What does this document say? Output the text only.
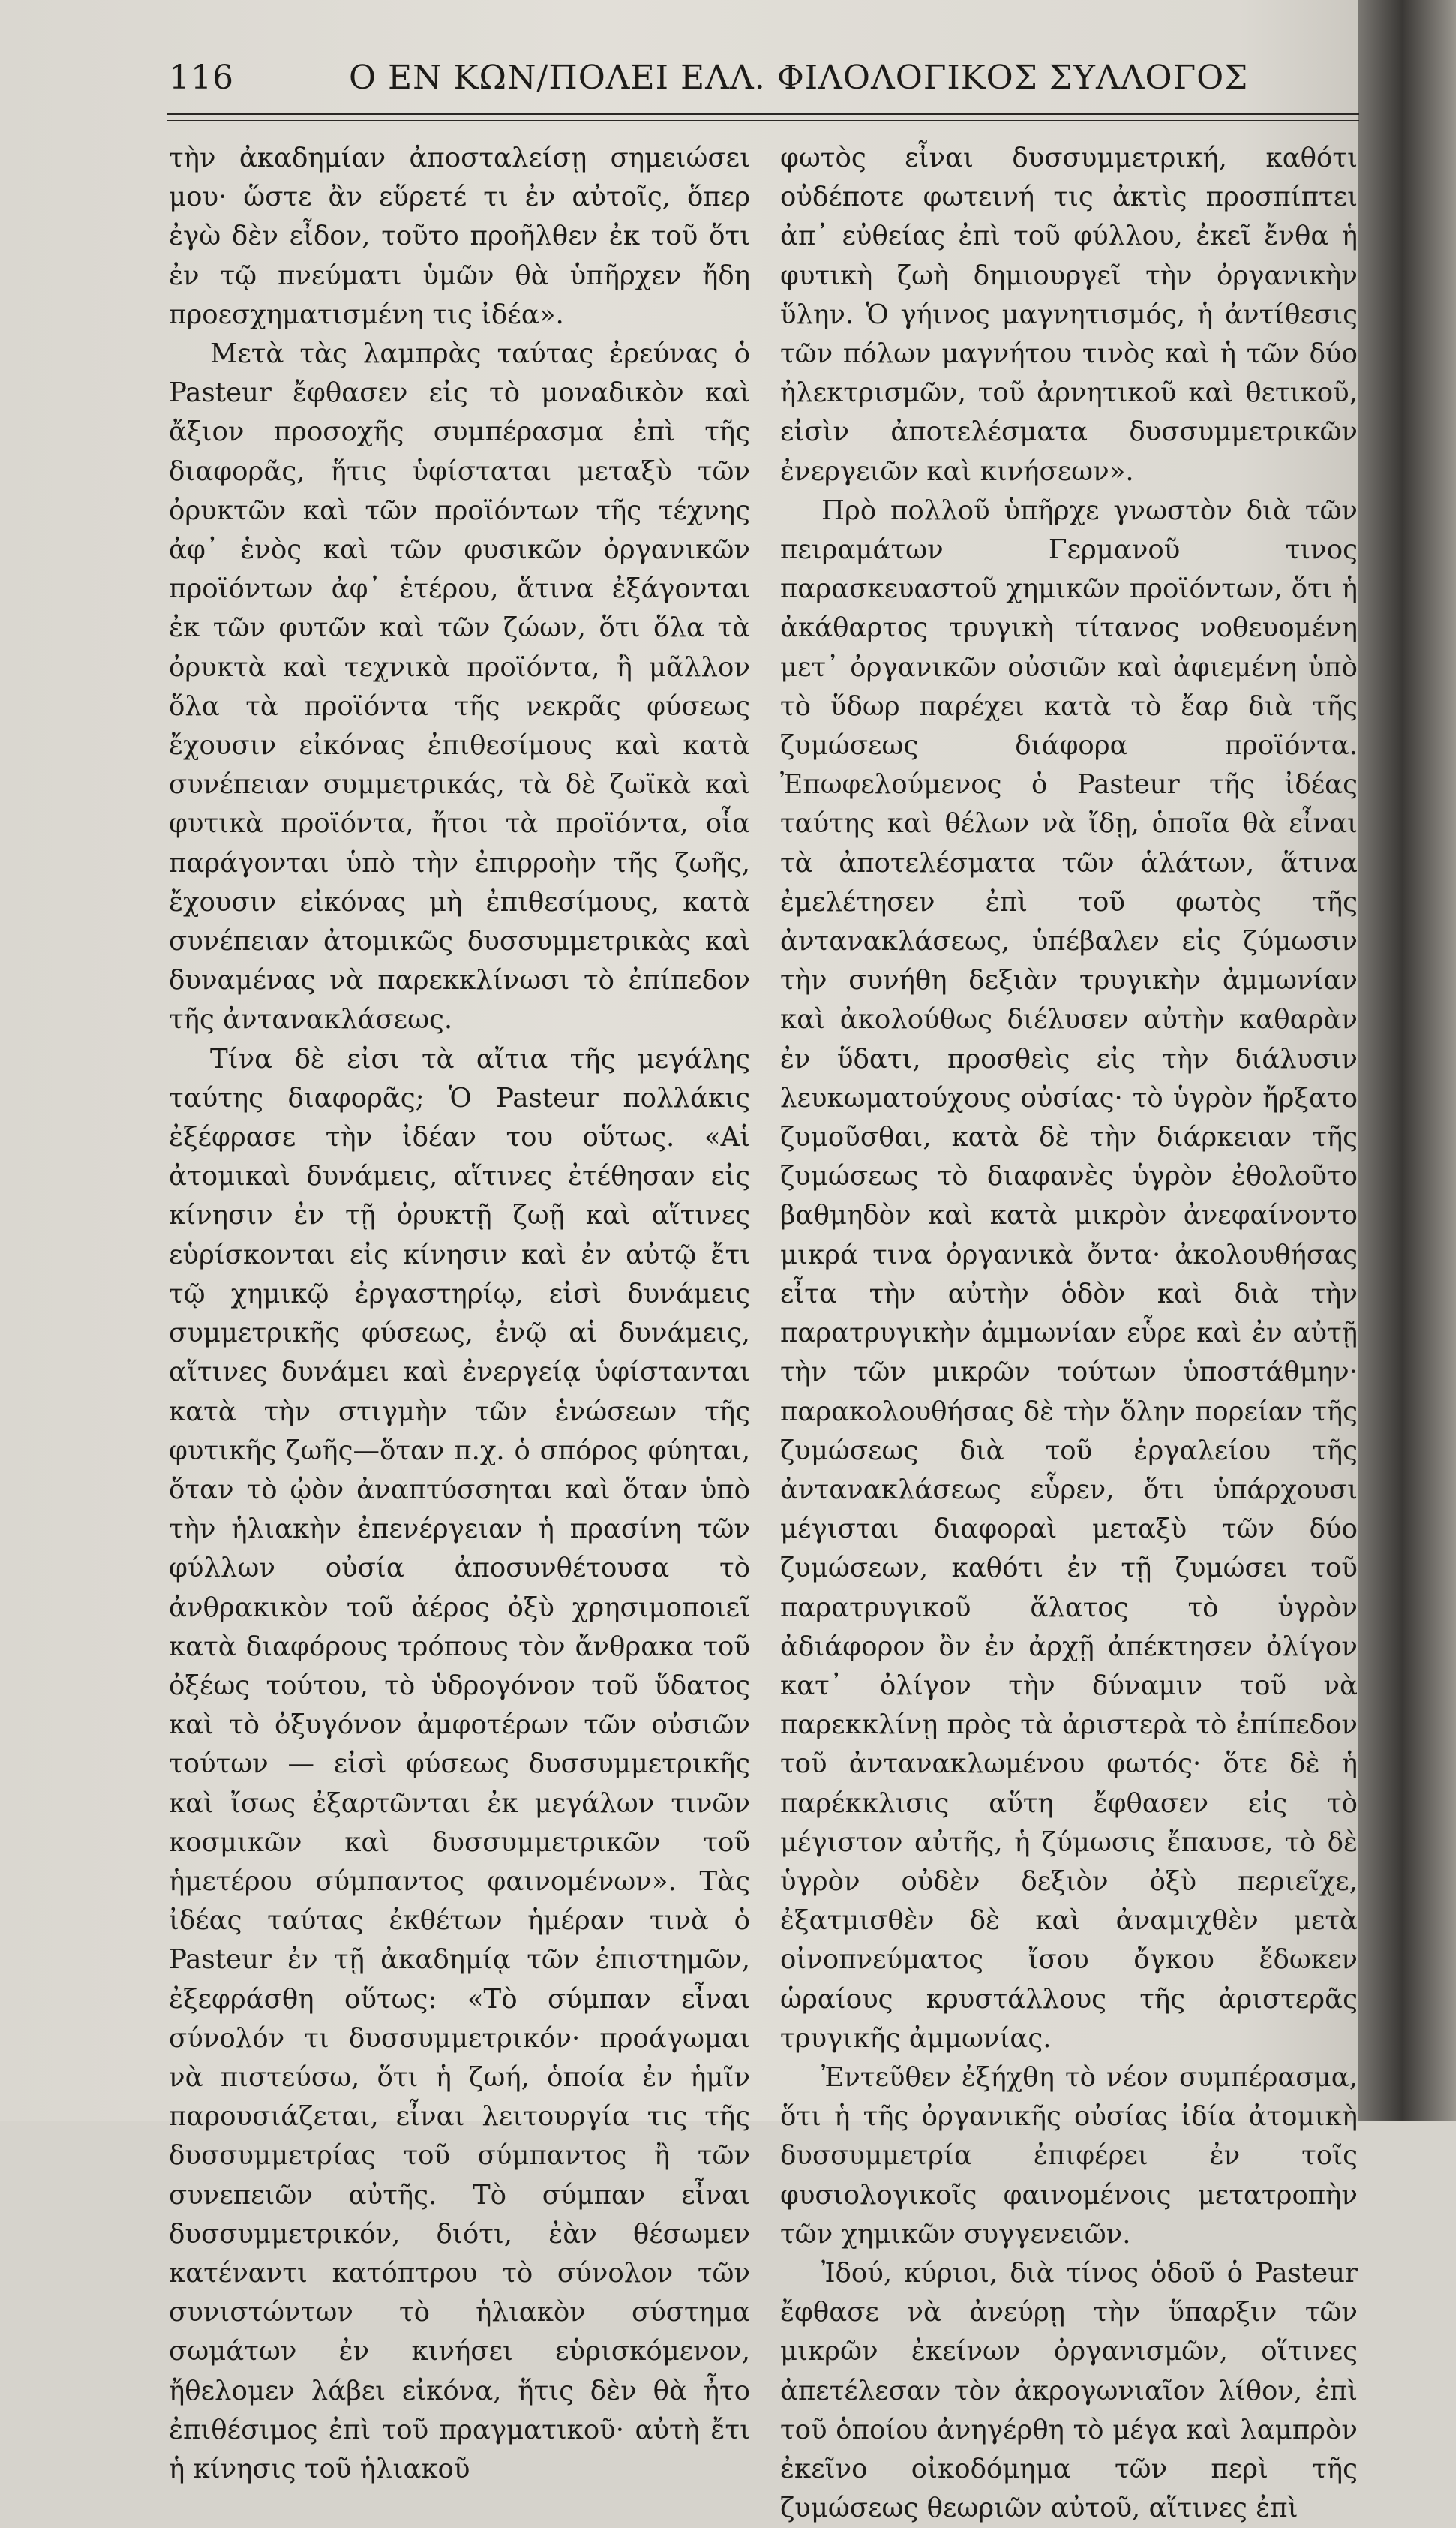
116	Ο ΕΝ ΚΩΝ/ΠΟΛΕΙ ΕΛΛ. ΦΙΛΟΛΟΓΙΚΟΣ ΣΥΛΛΟΓΟΣ

τὴν ἀκαδημίαν ἀποσταλείσῃ σημειώσει μου· ὥστε ἂν εὕρετέ τι ἐν αὐτοῖς, ὅπερ ἐγὼ δὲν εἶδον, τοῦτο προῆλθεν ἐκ τοῦ ὅτι ἐν τῷ πνεύματι ὑμῶν θὰ ὑπῆρχεν ἤδη προεσχηματισμένη τις ἰδέα».

Μετὰ τὰς λαμπρὰς ταύτας ἐρεύνας ὁ Pasteur ἔφθασεν εἰς τὸ μοναδικὸν καὶ ἄξιον προσοχῆς συμπέρασμα ἐπὶ τῆς διαφορᾶς, ἥτις ὑφίσταται μεταξὺ τῶν ὀρυκτῶν καὶ τῶν προϊόντων τῆς τέχνης ἀφ᾽ ἑνὸς καὶ τῶν φυσικῶν ὀργανικῶν προϊόντων ἀφ᾽ ἑτέρου, ἅτινα ἐξάγονται ἐκ τῶν φυτῶν καὶ τῶν ζώων, ὅτι ὅλα τὰ ὀρυκτὰ καὶ τεχνικὰ προϊόντα, ἢ μᾶλλον ὅλα τὰ προϊόντα τῆς νεκρᾶς φύσεως ἔχουσιν εἰκόνας ἐπιθεσίμους καὶ κατὰ συνέπειαν συμμετρικάς, τὰ δὲ ζωϊκὰ καὶ φυτικὰ προϊόντα, ἤτοι τὰ προϊόντα, οἷα παράγονται ὑπὸ τὴν ἐπιρροὴν τῆς ζωῆς, ἔχουσιν εἰκόνας μὴ ἐπιθεσίμους, κατὰ συνέπειαν ἀτομικῶς δυσσυμμετρικὰς καὶ δυναμένας νὰ παρεκκλίνωσι τὸ ἐπίπεδον τῆς ἀντανακλάσεως.

Τίνα δὲ εἰσι τὰ αἴτια τῆς μεγάλης ταύτης διαφορᾶς; Ὁ Pasteur πολλάκις ἐξέφρασε τὴν ἰδέαν του οὕτως. «Αἱ ἀτομικαὶ δυνάμεις, αἵτινες ἐτέθησαν εἰς κίνησιν ἐν τῇ ὀρυκτῇ ζωῇ καὶ αἵτινες εὑρίσκονται εἰς κίνησιν καὶ ἐν αὐτῷ ἔτι τῷ χημικῷ ἐργαστηρίῳ, εἰσὶ δυνάμεις συμμετρικῆς φύσεως, ἐνῷ αἱ δυνάμεις, αἵτινες δυνάμει καὶ ἐνεργείᾳ ὑφίστανται κατὰ τὴν στιγμὴν τῶν ἑνώσεων τῆς φυτικῆς ζωῆς—ὅταν π.χ. ὁ σπόρος φύηται, ὅταν τὸ ᾠὸν ἀναπτύσσηται καὶ ὅταν ὑπὸ τὴν ἡλιακὴν ἐπενέργειαν ἡ πρασίνη τῶν φύλλων οὐσία ἀποσυνθέτουσα τὸ ἀνθρακικὸν τοῦ ἀέρος ὀξὺ χρησιμοποιεῖ κατὰ διαφόρους τρόπους τὸν ἄνθρακα τοῦ ὀξέως τούτου, τὸ ὑδρογόνον τοῦ ὕδατος καὶ τὸ ὀξυγόνον ἀμφοτέρων τῶν οὐσιῶν τούτων — εἰσὶ φύσεως δυσσυμμετρικῆς καὶ ἴσως ἐξαρτῶνται ἐκ μεγάλων τινῶν κοσμικῶν καὶ δυσσυμμετρικῶν τοῦ ἡμετέρου σύμπαντος φαινομένων». Τὰς ἰδέας ταύτας ἐκθέτων ἡμέραν τινὰ ὁ Pasteur ἐν τῇ ἀκαδημίᾳ τῶν ἐπιστημῶν, ἐξεφράσθη οὕτως: «Τὸ σύμπαν εἶναι σύνολόν τι δυσσυμμετρικόν· προάγωμαι νὰ πιστεύσω, ὅτι ἡ ζωή, ὁποία ἐν ἡμῖν παρουσιάζεται, εἶναι λειτουργία τις τῆς δυσσυμμετρίας τοῦ σύμπαντος ἢ τῶν συνεπειῶν αὐτῆς. Τὸ σύμπαν εἶναι δυσσυμμετρικόν, διότι, ἐὰν θέσωμεν κατέναντι κατόπτρου τὸ σύνολον τῶν συνιστώντων τὸ ἡλιακὸν σύστημα σωμάτων ἐν κινήσει εὑρισκόμενον, ἤθελομεν λάβει εἰκόνα, ἥτις δὲν θὰ ἦτο ἐπιθέσιμος ἐπὶ τοῦ πραγματικοῦ· αὐτὴ ἔτι ἡ κίνησις τοῦ ἡλιακοῦ

φωτὸς εἶναι δυσσυμμετρική, καθότι οὐδέποτε φωτεινή τις ἀκτὶς προσπίπτει ἀπ᾽ εὐθείας ἐπὶ τοῦ φύλλου, ἐκεῖ ἔνθα ἡ φυτικὴ ζωὴ δημιουργεῖ τὴν ὀργανικὴν ὕλην. Ὁ γήινος μαγνητισμός, ἡ ἀντίθεσις τῶν πόλων μαγνήτου τινὸς καὶ ἡ τῶν δύο ἠλεκτρισμῶν, τοῦ ἀρνητικοῦ καὶ θετικοῦ, εἰσὶν ἀποτελέσματα δυσσυμμετρικῶν ἐνεργειῶν καὶ κινήσεων».

Πρὸ πολλοῦ ὑπῆρχε γνωστὸν διὰ τῶν πειραμάτων Γερμανοῦ τινος παρασκευαστοῦ χημικῶν προϊόντων, ὅτι ἡ ἀκάθαρτος τρυγικὴ τίτανος νοθευομένη μετ᾽ ὀργανικῶν οὐσιῶν καὶ ἀφιεμένη ὑπὸ τὸ ὕδωρ παρέχει κατὰ τὸ ἔαρ διὰ τῆς ζυμώσεως διάφορα προϊόντα. Ἐπωφελούμενος ὁ Pasteur τῆς ἰδέας ταύτης καὶ θέλων νὰ ἴδῃ, ὁποῖα θὰ εἶναι τὰ ἀποτελέσματα τῶν ἁλάτων, ἅτινα ἐμελέτησεν ἐπὶ τοῦ φωτὸς τῆς ἀντανακλάσεως, ὑπέβαλεν εἰς ζύμωσιν τὴν συνήθη δεξιὰν τρυγικὴν ἀμμωνίαν καὶ ἀκολούθως διέλυσεν αὐτὴν καθαρὰν ἐν ὕδατι, προσθεὶς εἰς τὴν διάλυσιν λευκωματούχους οὐσίας· τὸ ὑγρὸν ἤρξατο ζυμοῦσθαι, κατὰ δὲ τὴν διάρκειαν τῆς ζυμώσεως τὸ διαφανὲς ὑγρὸν ἐθολοῦτο βαθμηδὸν καὶ κατὰ μικρὸν ἀνεφαίνοντο μικρά τινα ὀργανικὰ ὄντα· ἀκολουθήσας εἶτα τὴν αὐτὴν ὁδὸν καὶ διὰ τὴν παρατρυγικὴν ἀμμωνίαν εὗρε καὶ ἐν αὐτῇ τὴν τῶν μικρῶν τούτων ὑποστάθμην· παρακολουθήσας δὲ τὴν ὅλην πορείαν τῆς ζυμώσεως διὰ τοῦ ἐργαλείου τῆς ἀντανακλάσεως εὗρεν, ὅτι ὑπάρχουσι μέγισται διαφοραὶ μεταξὺ τῶν δύο ζυμώσεων, καθότι ἐν τῇ ζυμώσει τοῦ παρατρυγικοῦ ἅλατος τὸ ὑγρὸν ἀδιάφορον ὂν ἐν ἀρχῇ ἀπέκτησεν ὀλίγον κατ᾽ ὀλίγον τὴν δύναμιν τοῦ νὰ παρεκκλίνῃ πρὸς τὰ ἀριστερὰ τὸ ἐπίπεδον τοῦ ἀντανακλωμένου φωτός· ὅτε δὲ ἡ παρέκκλισις αὕτη ἔφθασεν εἰς τὸ μέγιστον αὐτῆς, ἡ ζύμωσις ἔπαυσε, τὸ δὲ ὑγρὸν οὐδὲν δεξιὸν ὀξὺ περιεῖχε, ἐξατμισθὲν δὲ καὶ ἀναμιχθὲν μετὰ οἰνοπνεύματος ἴσου ὄγκου ἔδωκεν ὡραίους κρυστάλλους τῆς ἀριστερᾶς τρυγικῆς ἀμμωνίας.

Ἐντεῦθεν ἐξήχθη τὸ νέον συμπέρασμα, ὅτι ἡ τῆς ὀργανικῆς οὐσίας ἰδία ἀτομικὴ δυσσυμμετρία ἐπιφέρει ἐν τοῖς φυσιολογικοῖς φαινομένοις μετατροπὴν τῶν χημικῶν συγγενειῶν.

Ἰδού, κύριοι, διὰ τίνος ὁδοῦ ὁ Pasteur ἔφθασε νὰ ἀνεύρῃ τὴν ὕπαρξιν τῶν μικρῶν ἐκείνων ὀργανισμῶν, οἵτινες ἀπετέλεσαν τὸν ἀκρογωνιαῖον λίθον, ἐπὶ τοῦ ὁποίου ἀνηγέρθη τὸ μέγα καὶ λαμπρὸν ἐκεῖνο οἰκοδόμημα τῶν περὶ τῆς ζυμώσεως θεωριῶν αὐτοῦ, αἵτινες ἐπὶ
